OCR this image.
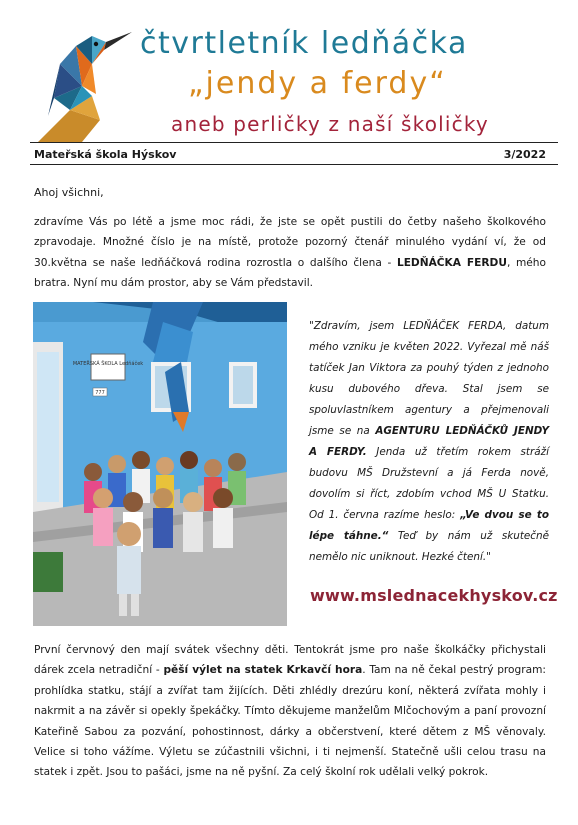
čtvrtletník ledňáčka
„jendy a ferdy“
aneb perličky z naší školičky
Mateřská škola Hýskov	3/2022
Ahoj všichni,
zdravíme Vás po létě a jsme moc rádi, že jste se opět pustili do četby našeho školkového zpravodaje. Množné číslo je na místě, protože pozorný čtenář minulého vydání ví, že od 30.května se naše ledňáčková rodina rozrostla o dalšího člena - LEDŇÁČKA FERDU, mého bratra. Nyní mu dám prostor, aby se Vám představil.
MATEŘSKÁ ŠKOLA Ledňáček
777
"Zdravím, jsem LEDŇÁČEK FERDA, datum mého vzniku je květen 2022. Vyřezal mě náš tatíček Jan Viktora za pouhý týden z jednoho kusu dubového dřeva. Stal jsem se spoluvlastníkem agentury a přejmenovali jsme se na AGENTURU LEDŇÁČKŮ JENDY A FERDY. Jenda už třetím rokem stráží budovu MŠ Družstevní a já Ferda nově, dovolím si říct, zdobím vchod MŠ U Statku. Od 1. června razíme heslo: „Ve dvou se to lépe táhne.“ Teď by nám už skutečně nemělo nic uniknout. Hezké čtení."
www.mslednacekhyskov.cz
První červnový den mají svátek všechny děti. Tentokrát jsme pro naše školkáčky přichystali dárek zcela netradiční - pěší výlet na statek Krkavčí hora. Tam na ně čekal pestrý program: prohlídka statku, stájí a zvířat tam žijících. Děti zhlédly drezúru koní, některá zvířata mohly i nakrmit a na závěr si opekly špekáčky. Tímto děkujeme manželům Mlčochovým a paní provozní Kateřině Sabou za pozvání, pohostinnost, dárky a občerstvení, které dětem z MŠ věnovaly. Velice si toho vážíme. Výletu se zúčastnili všichni, i ti nejmenší. Statečně ušli celou trasu na statek i zpět. Jsou to pašáci, jsme na ně pyšní. Za celý školní rok udělali velký pokrok.
